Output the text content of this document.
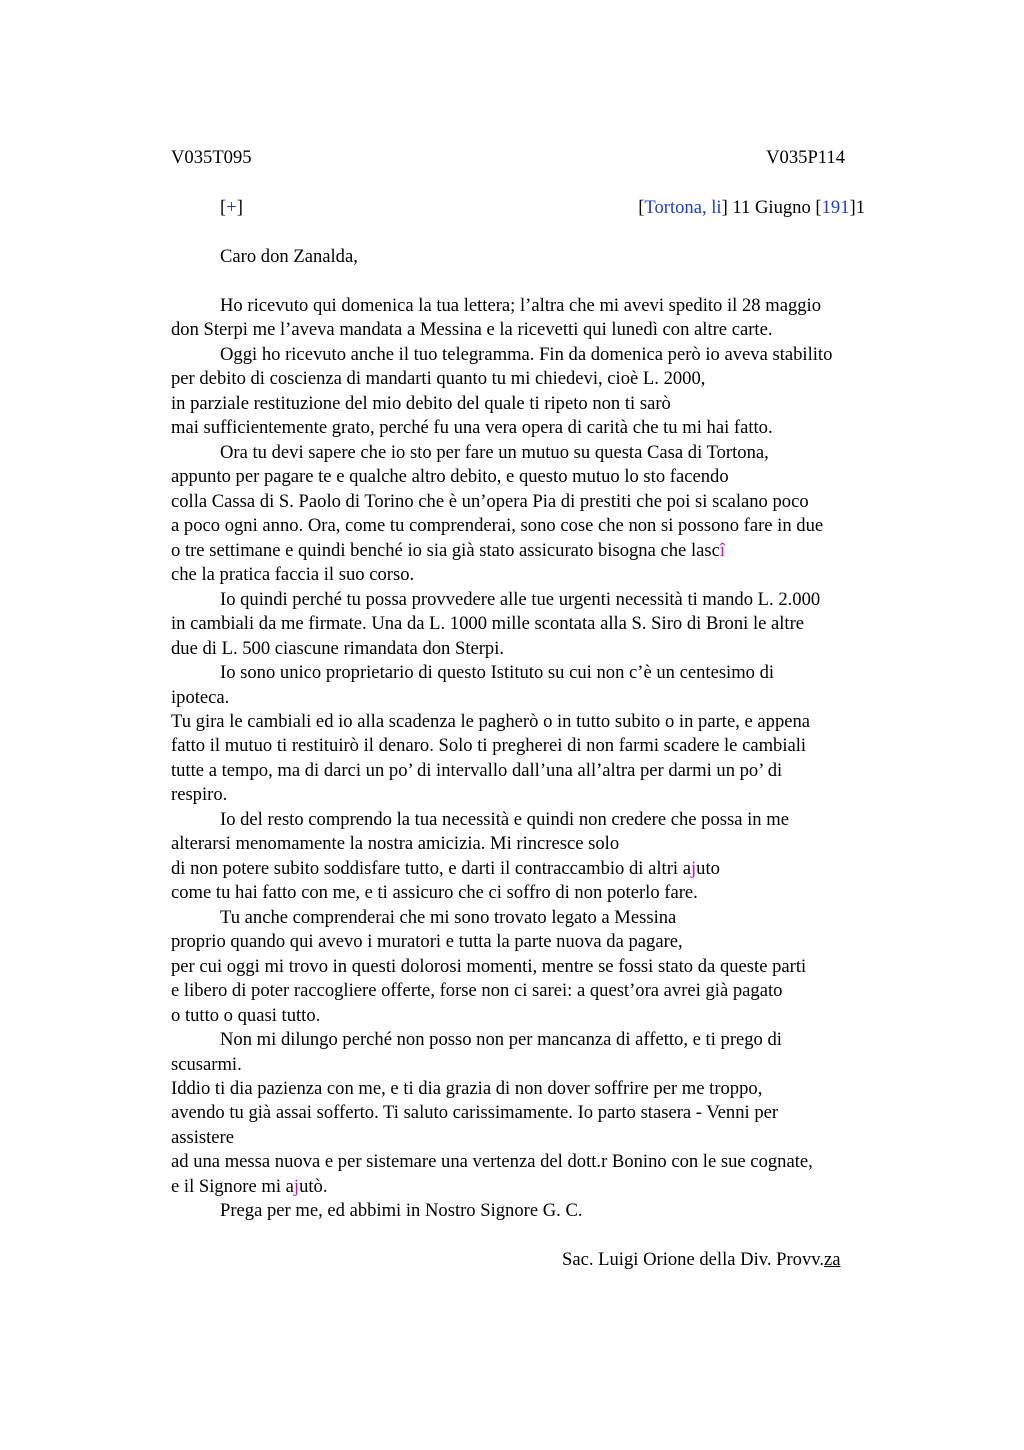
V035T095	V035P114
[+]	[Tortona, li] 11 Giugno [191]1
Caro don Zanalda,
Ho ricevuto qui domenica la tua lettera; l’altra che mi avevi spedito il 28 maggio
don Sterpi me l’aveva mandata a Messina e la ricevetti qui lunedì con altre carte.
Oggi ho ricevuto anche il tuo telegramma. Fin da domenica però io aveva stabilito
per debito di coscienza di mandarti quanto tu mi chiedevi, cioè L. 2000,
in parziale restituzione del mio debito del quale ti ripeto non ti sarò
mai sufficientemente grato, perché fu una vera opera di carità che tu mi hai fatto.
Ora tu devi sapere che io sto per fare un mutuo su questa Casa di Tortona,
appunto per pagare te e qualche altro debito, e questo mutuo lo sto facendo
colla Cassa di S. Paolo di Torino che è un’opera Pia di prestiti che poi si scalano poco
a poco ogni anno. Ora, come tu comprenderai, sono cose che non si possono fare in due
o tre settimane e quindi benché io sia già stato assicurato bisogna che lascî
che la pratica faccia il suo corso.
Io quindi perché tu possa provvedere alle tue urgenti necessità ti mando L. 2.000
in cambiali da me firmate. Una da L. 1000 mille scontata alla S. Siro di Broni le altre
due di L. 500 ciascune rimandata don Sterpi.
Io sono unico proprietario di questo Istituto su cui non c’è un centesimo di
ipoteca.
Tu gira le cambiali ed io alla scadenza le pagherò o in tutto subito o in parte, e appena
fatto il mutuo ti restituirò il denaro. Solo ti pregherei di non farmi scadere le cambiali
tutte a tempo, ma di darci un po’ di intervallo dall’una all’altra per darmi un po’ di
respiro.
Io del resto comprendo la tua necessità e quindi non credere che possa in me
alterarsi menomamente la nostra amicizia. Mi rincresce solo
di non potere subito soddisfare tutto, e darti il contraccambio di altri ajuto
come tu hai fatto con me, e ti assicuro che ci soffro di non poterlo fare.
Tu anche comprenderai che mi sono trovato legato a Messina
proprio quando qui avevo i muratori e tutta la parte nuova da pagare,
per cui oggi mi trovo in questi dolorosi momenti, mentre se fossi stato da queste parti
e libero di poter raccogliere offerte, forse non ci sarei: a quest’ora avrei già pagato
o tutto o quasi tutto.
Non mi dilungo perché non posso non per mancanza di affetto, e ti prego di
scusarmi.
Iddio ti dia pazienza con me, e ti dia grazia di non dover soffrire per me troppo,
avendo tu già assai sofferto. Ti saluto carissimamente. Io parto stasera - Venni per
assistere
ad una messa nuova e per sistemare una vertenza del dott.r Bonino con le sue cognate,
e il Signore mi ajutò.
Prega per me, ed abbimi in Nostro Signore G. C.
Sac. Luigi Orione della Div. Provv.za
